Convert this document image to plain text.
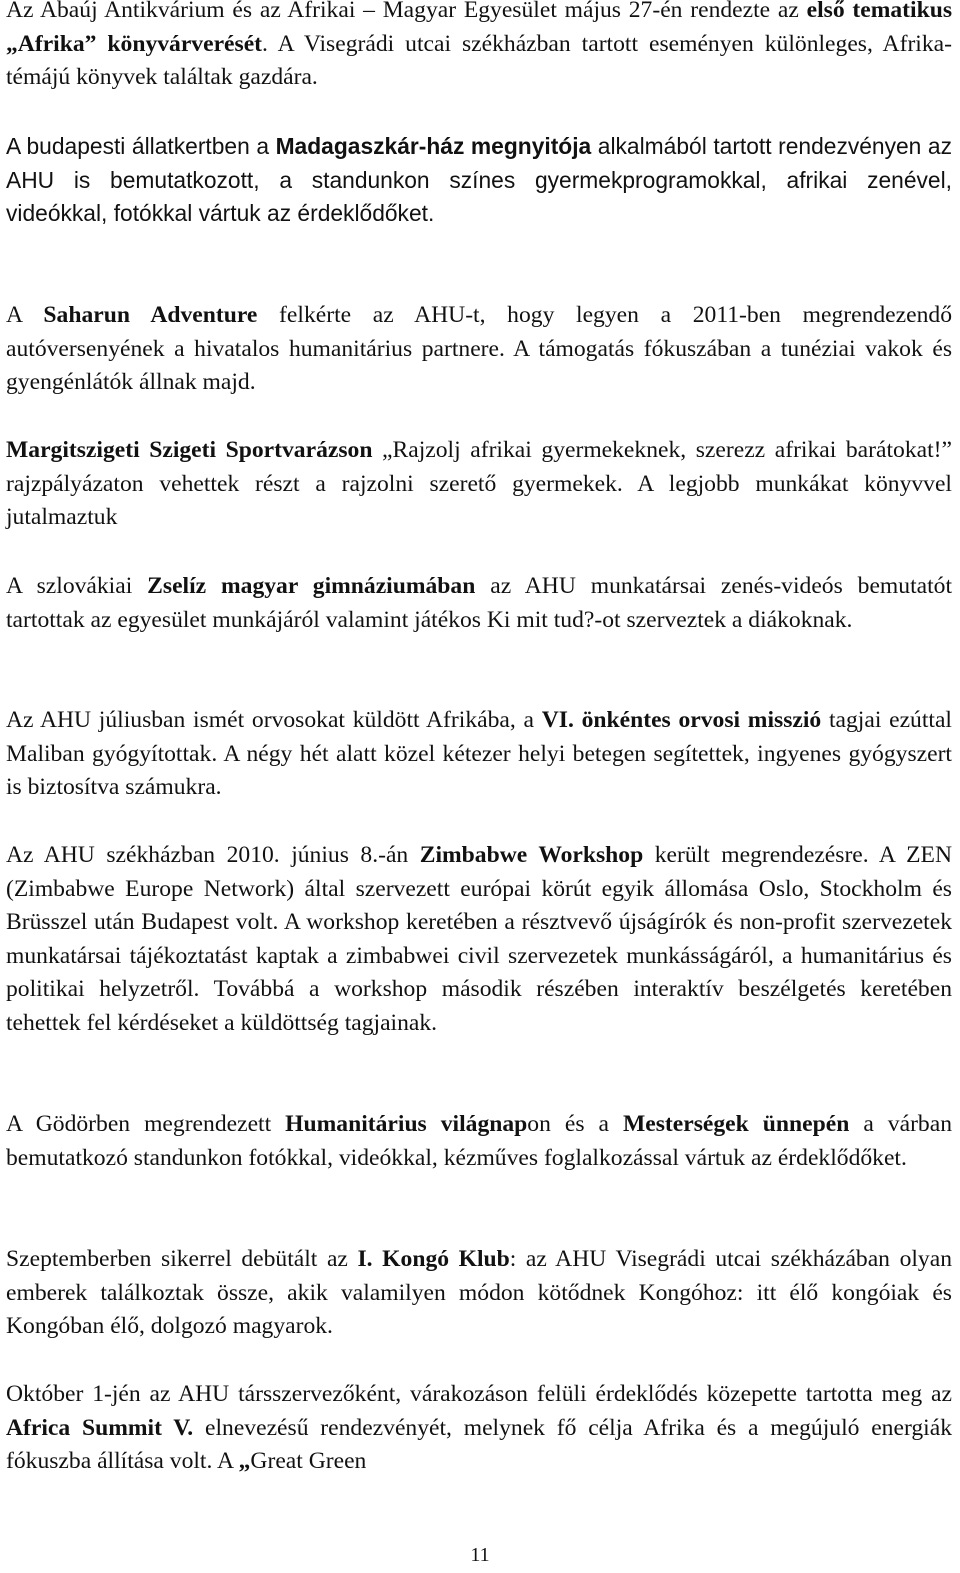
Az Abaúj Antikvárium és az Afrikai – Magyar Egyesület május 27-én rendezte az első tematikus „Afrika” könyvárverését. A Visegrádi utcai székházban tartott eseményen különleges, Afrika-témájú könyvek találtak gazdára.

A budapesti állatkertben a Madagaszkár-ház megnyitója alkalmából tartott rendezvényen az AHU is bemutatkozott, a standunkon színes gyermekprogramokkal, afrikai zenével, videókkal, fotókkal vártuk az érdeklődőket.

A Saharun Adventure felkérte az AHU-t, hogy legyen a 2011-ben megrendezendő autóversenyének a hivatalos humanitárius partnere. A támogatás fókuszában a tunéziai vakok és gyengénlátók állnak majd.

Margitszigeti Szigeti Sportvarázson „Rajzolj afrikai gyermekeknek, szerezz afrikai barátokat!” rajzpályázaton vehettek részt a rajzolni szerető gyermekek. A legjobb munkákat könyvvel jutalmaztuk

A szlovákiai Zselíz magyar gimnáziumában az AHU munkatársai zenés-videós bemutatót tartottak az egyesület munkájáról valamint játékos Ki mit tud?-ot szerveztek a diákoknak.

Az AHU júliusban ismét orvosokat küldött Afrikába, a VI. önkéntes orvosi misszió tagjai ezúttal Maliban gyógyítottak. A négy hét alatt közel kétezer helyi betegen segítettek, ingyenes gyógyszert is biztosítva számukra.

Az AHU székházban 2010. június 8.-án Zimbabwe Workshop került megrendezésre. A ZEN (Zimbabwe Europe Network) által szervezett európai körút egyik állomása Oslo, Stockholm és Brüsszel után Budapest volt. A workshop keretében a résztvevő újságírók és non-profit szervezetek munkatársai tájékoztatást kaptak a zimbabwei civil szervezetek munkásságáról, a humanitárius és politikai helyzetről. Továbbá a workshop második részében interaktív beszélgetés keretében tehettek fel kérdéseket a küldöttség tagjainak.

A Gödörben megrendezett Humanitárius világnapon és a Mesterségek ünnepén a várban bemutatkozó standunkon fotókkal, videókkal, kézműves foglalkozással vártuk az érdeklődőket.

Szeptemberben sikerrel debütált az I. Kongó Klub: az AHU Visegrádi utcai székházában olyan emberek találkoztak össze, akik valamilyen módon kötődnek Kongóhoz: itt élő kongóiak és Kongóban élő, dolgozó magyarok.

Október 1-jén az AHU társszervezőként, várakozáson felüli érdeklődés közepette tartotta meg az Africa Summit V. elnevezésű rendezvényét, melynek fő célja Afrika és a megújuló energiák fókuszba állítása volt. A „Great Green

11
